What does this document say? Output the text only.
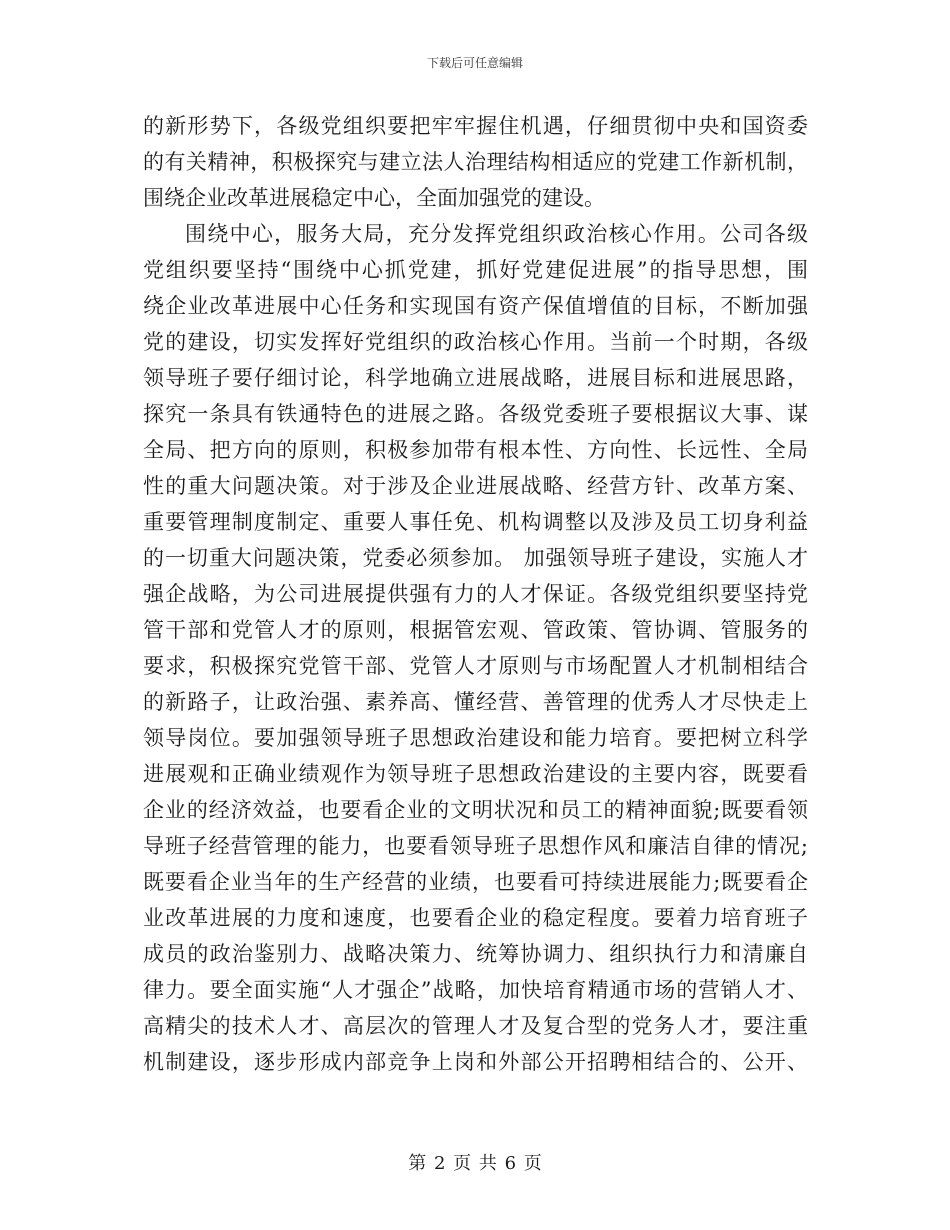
下载后可任意编辑
的新形势下，各级党组织要把牢牢握住机遇，仔细贯彻中央和国资委
的有关精神，积极探究与建立法人治理结构相适应的党建工作新机制，
围绕企业改革进展稳定中心，全面加强党的建设。
围绕中心，服务大局，充分发挥党组织政治核心作用。公司各级
党组织要坚持“围绕中心抓党建，抓好党建促进展”的指导思想，围
绕企业改革进展中心任务和实现国有资产保值增值的目标，不断加强
党的建设，切实发挥好党组织的政治核心作用。当前一个时期，各级
领导班子要仔细讨论，科学地确立进展战略，进展目标和进展思路，
探究一条具有铁通特色的进展之路。各级党委班子要根据议大事、谋
全局、把方向的原则，积极参加带有根本性、方向性、长远性、全局
性的重大问题决策。对于涉及企业进展战略、经营方针、改革方案、
重要管理制度制定、重要人事任免、机构调整以及涉及员工切身利益
的一切重大问题决策，党委必须参加。 加强领导班子建设，实施人才
强企战略，为公司进展提供强有力的人才保证。各级党组织要坚持党
管干部和党管人才的原则，根据管宏观、管政策、管协调、管服务的
要求，积极探究党管干部、党管人才原则与市场配置人才机制相结合
的新路子，让政治强、素养高、懂经营、善管理的优秀人才尽快走上
领导岗位。要加强领导班子思想政治建设和能力培育。要把树立科学
进展观和正确业绩观作为领导班子思想政治建设的主要内容，既要看
企业的经济效益，也要看企业的文明状况和员工的精神面貌;既要看领
导班子经营管理的能力，也要看领导班子思想作风和廉洁自律的情况;
既要看企业当年的生产经营的业绩，也要看可持续进展能力;既要看企
业改革进展的力度和速度，也要看企业的稳定程度。要着力培育班子
成员的政治鉴别力、战略决策力、统筹协调力、组织执行力和清廉自
律力。要全面实施“人才强企”战略，加快培育精通市场的营销人才、
高精尖的技术人才、高层次的管理人才及复合型的党务人才，要注重
机制建设，逐步形成内部竞争上岗和外部公开招聘相结合的、公开、
第 2 页 共 6 页
